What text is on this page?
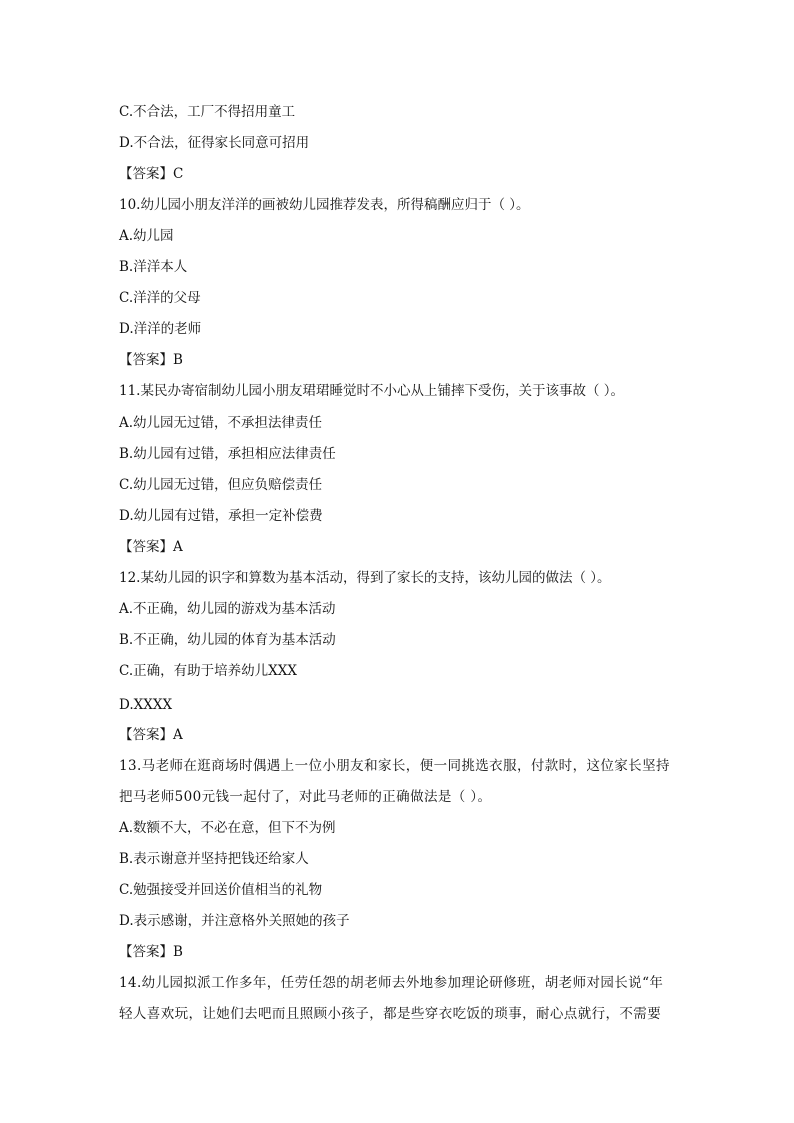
C.不合法，工厂不得招用童工
D.不合法，征得家长同意可招用
【答案】C
10.幼儿园小朋友洋洋的画被幼儿园推荐发表，所得稿酬应归于（ ）。
A.幼儿园
B.洋洋本人
C.洋洋的父母
D.洋洋的老师
【答案】B
11.某民办寄宿制幼儿园小朋友珺珺睡觉时不小心从上铺摔下受伤，关于该事故（ ）。
A.幼儿园无过错，不承担法律责任
B.幼儿园有过错，承担相应法律责任
C.幼儿园无过错，但应负赔偿责任
D.幼儿园有过错，承担一定补偿费
【答案】A
12.某幼儿园的识字和算数为基本活动，得到了家长的支持，该幼儿园的做法（ ）。
A.不正确，幼儿园的游戏为基本活动
B.不正确，幼儿园的体育为基本活动
C.正确，有助于培养幼儿XXX
D.XXXX
【答案】A
13.马老师在逛商场时偶遇上一位小朋友和家长，便一同挑选衣服，付款时，这位家长坚持
把马老师500元钱一起付了，对此马老师的正确做法是（ ）。
A.数额不大，不必在意，但下不为例
B.表示谢意并坚持把钱还给家人
C.勉强接受并回送价值相当的礼物
D.表示感谢，并注意格外关照她的孩子
【答案】B
14.幼儿园拟派工作多年，任劳任怨的胡老师去外地参加理论研修班，胡老师对园长说“年
轻人喜欢玩，让她们去吧而且照顾小孩子，都是些穿衣吃饭的琐事，耐心点就行，不需要
